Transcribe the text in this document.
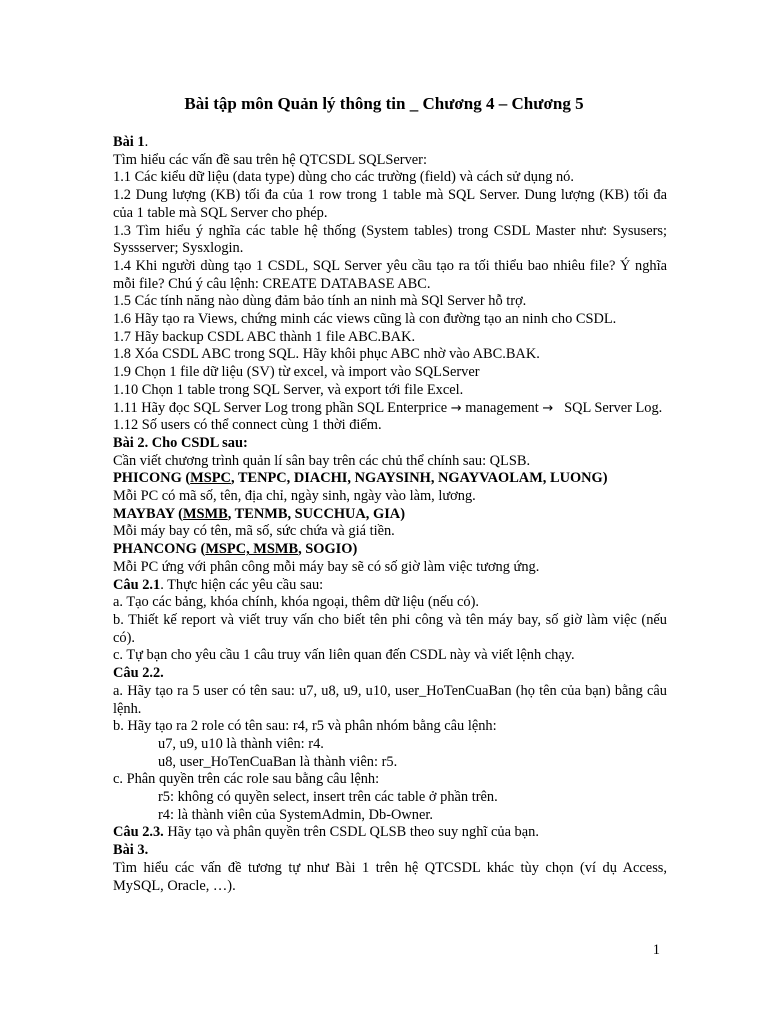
Bài tập môn Quản lý thông tin _ Chương 4 – Chương 5

Bài 1.

Tìm hiểu các vấn đề sau trên hệ QTCSDL SQLServer:

1.1 Các kiểu dữ liệu (data type) dùng cho các trường (field) và cách sử dụng nó.

1.2 Dung lượng (KB) tối đa của 1 row trong 1 table mà SQL Server. Dung lượng (KB) tối đa của 1 table mà SQL Server cho phép.

1.3 Tìm hiểu ý nghĩa các table hệ thống (System tables) trong CSDL Master như: Sysusers; Syssserver; Sysxlogin.

1.4 Khi người dùng tạo 1 CSDL, SQL Server yêu cầu tạo ra tối thiểu bao nhiêu file? Ý nghĩa mỗi file? Chú ý câu lệnh: CREATE DATABASE ABC.

1.5 Các tính năng nào dùng đảm bảo tính an ninh mà SQl Server hỗ trợ.

1.6 Hãy tạo ra Views, chứng minh các views cũng là con đường tạo an ninh cho CSDL.

1.7 Hãy backup CSDL ABC thành 1 file ABC.BAK.

1.8 Xóa CSDL ABC trong SQL. Hãy khôi phục ABC nhờ vào ABC.BAK.

1.9 Chọn 1 file dữ liệu (SV) từ excel, và import vào SQLServer

1.10 Chọn 1 table trong SQL Server, và export tới file Excel.

1.11 Hãy đọc SQL Server Log trong phần SQL Enterprice → management → SQL Server Log.

1.12 Số users có thể connect cùng 1 thời điểm.

Bài 2. Cho CSDL sau:

Cần viết chương trình quản lí sân bay trên các chủ thể chính sau: QLSB.

PHICONG (MSPC, TENPC, DIACHI, NGAYSINH, NGAYVAOLAM, LUONG)

Mỗi PC có mã số, tên, địa chỉ, ngày sinh, ngày vào làm, lương.

MAYBAY (MSMB, TENMB, SUCCHUA, GIA)

Mỗi máy bay có tên, mã số, sức chứa và giá tiền.

PHANCONG (MSPC, MSMB, SOGIO)

Mỗi PC ứng với phân công mỗi máy bay sẽ có số giờ làm việc tương ứng.

Câu 2.1. Thực hiện các yêu cầu sau:

a. Tạo các bảng, khóa chính, khóa ngoại, thêm dữ liệu (nếu có).

b. Thiết kế report và viết truy vấn cho biết tên phi công và tên máy bay, số giờ làm việc (nếu có).

c. Tự bạn cho yêu cầu 1 câu truy vấn liên quan đến CSDL này và viết lệnh chạy.

Câu 2.2.

a. Hãy tạo ra 5 user có tên sau: u7, u8, u9, u10, user_HoTenCuaBan (họ tên của bạn) bằng câu lệnh.

b. Hãy tạo ra 2 role có tên sau: r4, r5 và phân nhóm bằng câu lệnh:

u7, u9, u10 là thành viên: r4.

u8, user_HoTenCuaBan là thành viên: r5.

c. Phân quyền trên các role sau bằng câu lệnh:

r5: không có quyền select, insert trên các table ở phần trên.

r4: là thành viên của SystemAdmin, Db-Owner.

Câu 2.3. Hãy tạo và phân quyền trên CSDL QLSB theo suy nghĩ của bạn.

Bài 3.

Tìm hiểu các vấn đề tương tự như Bài 1 trên hệ QTCSDL khác tùy chọn (ví dụ Access, MySQL, Oracle, …).

1
